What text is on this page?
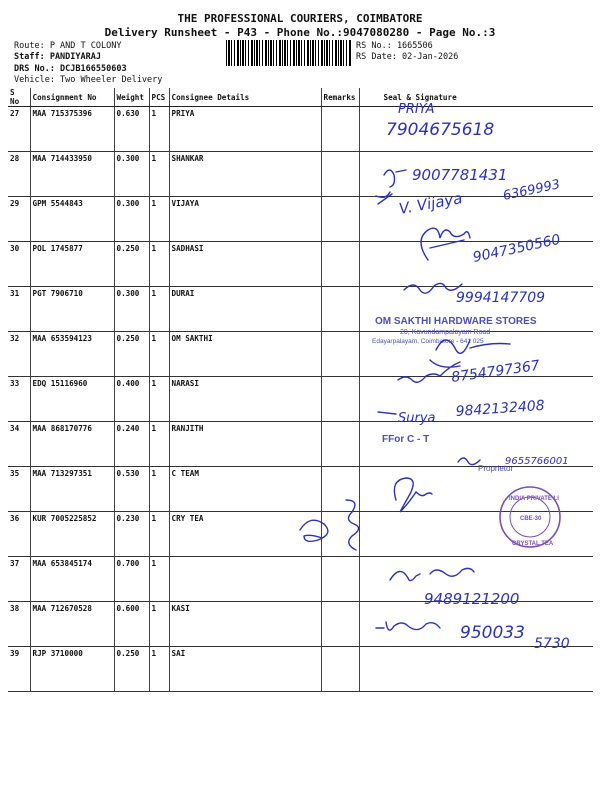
THE PROFESSIONAL COURIERS, COIMBATORE
Delivery Runsheet - P43 - Phone No.:9047080280 - Page No.:3
Route: P AND T COLONY
Staff: PANDIYARAJ
DRS No.: DCJB166550603
Vehicle: Two Wheeler Delivery
RS No.: 1665506
RS Date: 02-Jan-2026
S No	Consignment No	Weight	PCS	Consignee Details	Remarks	Seal & Signature
27	MAA 715375396	0.630	1	PRIYA		
28	MAA 714433950	0.300	1	SHANKAR		
29	GPM 5544843	0.300	1	VIJAYA		
30	POL 1745877	0.250	1	SADHASI		
31	PGT 7906710	0.300	1	DURAI		
32	MAA 653594123	0.250	1	OM SAKTHI		
33	EDQ 15116960	0.400	1	NARASI		
34	MAA 868170776	0.240	1	RANJITH		
35	MAA 713297351	0.530	1	C TEAM		
36	KUR 7005225852	0.230	1	CRY TEA		
37	MAA 653845174	0.700	1			
38	MAA 712670528	0.600	1	KASI		
39	RJP 3710000	0.250	1	SAI		
PRIYA
7904675618
9007781431
V. Vijaya	6369993
9047350560
9994147709
OM SAKTHI HARDWARE STORES
20, Kavundampalayam Road
Edayarpalayam, Coimbatore - 641 025
8754797367
Surya 9842132408
FFor C - T
Proprietor
9655766001
INDIA PRIVATE LI
CRYSTAL TEA
CBE-30
9489121200
950033
5730
